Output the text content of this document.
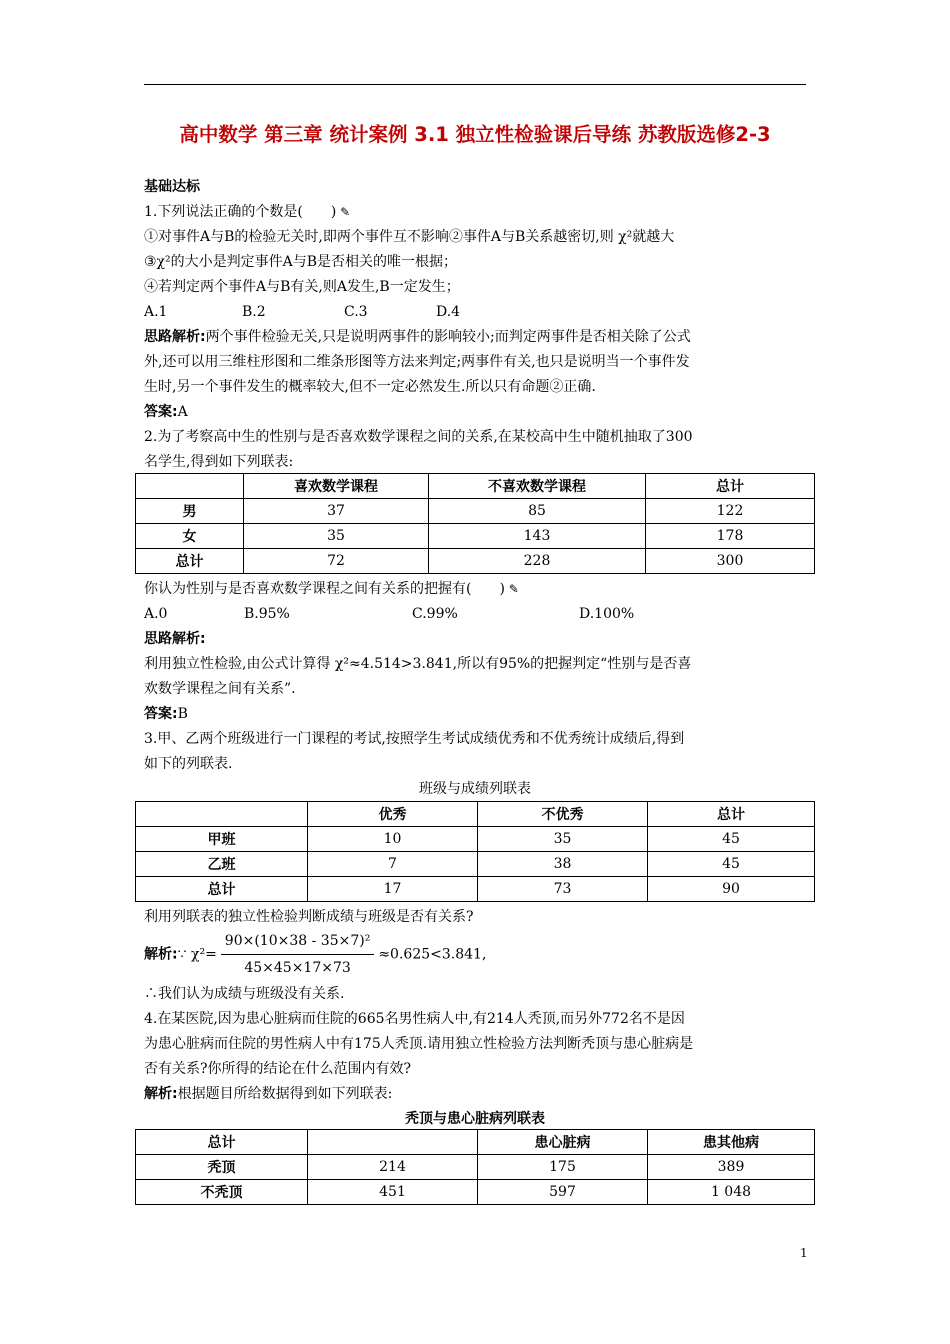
高中数学 第三章 统计案例 3.1 独立性检验课后导练 苏教版选修2-3
基础达标
1.下列说法正确的个数是(　　) ✎
①对事件A与B的检验无关时,即两个事件互不影响②事件A与B关系越密切,则 χ²就越大
③χ²的大小是判定事件A与B是否相关的唯一根据；
④若判定两个事件A与B有关,则A发生,B一定发生；
A.1	B.2	C.3	D.4
思路解析:两个事件检验无关,只是说明两事件的影响较小;而判定两事件是否相关除了公式
外,还可以用三维柱形图和二维条形图等方法来判定;两事件有关,也只是说明当一个事件发
生时,另一个事件发生的概率较大,但不一定必然发生.所以只有命题②正确.
答案:A
2.为了考察高中生的性别与是否喜欢数学课程之间的关系,在某校高中生中随机抽取了300
名学生,得到如下列联表:
	喜欢数学课程	不喜欢数学课程	总计
男	37	85	122
女	35	143	178
总计	72	228	300
你认为性别与是否喜欢数学课程之间有关系的把握有(　　) ✎
A.0	B.95%	C.99%	D.100%
思路解析:
利用独立性检验,由公式计算得 χ²≈4.514>3.841,所以有95%的把握判定“性别与是否喜
欢数学课程之间有关系”.
答案:B
3.甲、乙两个班级进行一门课程的考试,按照学生考试成绩优秀和不优秀统计成绩后,得到
如下的列联表.
班级与成绩列联表
	优秀	不优秀	总计
甲班	10	35	45
乙班	7	38	45
总计	17	73	90
利用列联表的独立性检验判断成绩与班级是否有关系?
解析:∵ $\chi^2= \frac{\text{90×(10×38 - 35×7)²}}{45\times 45\times 17\times 73} \approx 0.625<3.841$,
∴我们认为成绩与班级没有关系.
4.在某医院,因为患心脏病而住院的665名男性病人中,有214人秃顶,而另外772名不是因
为患心脏病而住院的男性病人中有175人秃顶.请用独立性检验方法判断秃顶与患心脏病是
否有关系?你所得的结论在什么范围内有效?
解析:根据题目所给数据得到如下列联表:
秃顶与患心脏病列联表
总计		患心脏病	患其他病
秃顶	214	175	389
不秃顶	451	597	1 048
1
